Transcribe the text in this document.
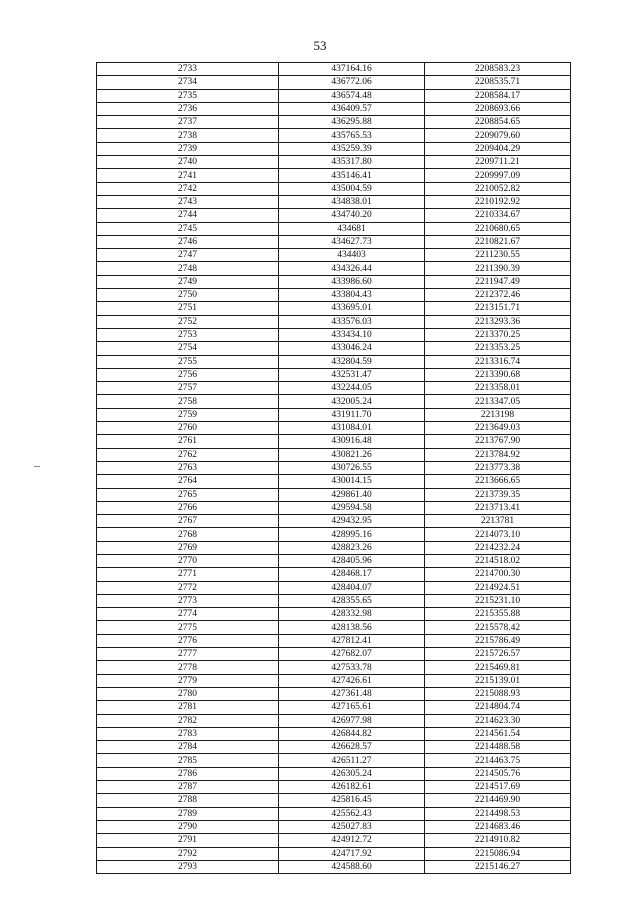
53
2733	437164.16	2208583.23
2734	436772.06	2208535.71
2735	436574.48	2208584.17
2736	436409.57	2208693.66
2737	436295.88	2208854.65
2738	435765.53	2209079.60
2739	435259.39	2209404.29
2740	435317.80	2209711.21
2741	435146.41	2209997.09
2742	435004.59	2210052.82
2743	434838.01	2210192.92
2744	434740.20	2210334.67
2745	434681	2210680.65
2746	434627.73	2210821.67
2747	434403	2211230.55
2748	434326.44	2211390.39
2749	433986.60	2211947.49
2750	433804.43	2212372.46
2751	433695.01	2213151.71
2752	433576.03	2213293.36
2753	433434.10	2213370.25
2754	433046.24	2213353.25
2755	432804.59	2213316.74
2756	432531.47	2213390.68
2757	432244.05	2213358.01
2758	432005.24	2213347.05
2759	431911.70	2213198
2760	431084.01	2213649.03
2761	430916.48	2213767.90
2762	430821.26	2213784.92
2763	430726.55	2213773.38
2764	430014.15	2213666.65
2765	429861.40	2213739.35
2766	429594.58	2213713.41
2767	429432.95	2213781
2768	428995.16	2214073.10
2769	428823.26	2214232.24
2770	428405.96	2214518.02
2771	428468.17	2214700.30
2772	428404.07	2214924.51
2773	428355.65	2215231.10
2774	428332.98	2215355.88
2775	428138.56	2215578.42
2776	427812.41	2215786.49
2777	427682.07	2215726.57
2778	427533.78	2215469.81
2779	427426.61	2215139.01
2780	427361.48	2215088.93
2781	427165.61	2214804.74
2782	426977.98	2214623.30
2783	426844.82	2214561.54
2784	426628.57	2214488.58
2785	426511.27	2214463.75
2786	426305.24	2214505.76
2787	426182.61	2214517.69
2788	425816.45	2214469.90
2789	425562.43	2214498.53
2790	425027.83	2214683.46
2791	424912.72	2214910.82
2792	424717.92	2215086.94
2793	424588.60	2215146.27
